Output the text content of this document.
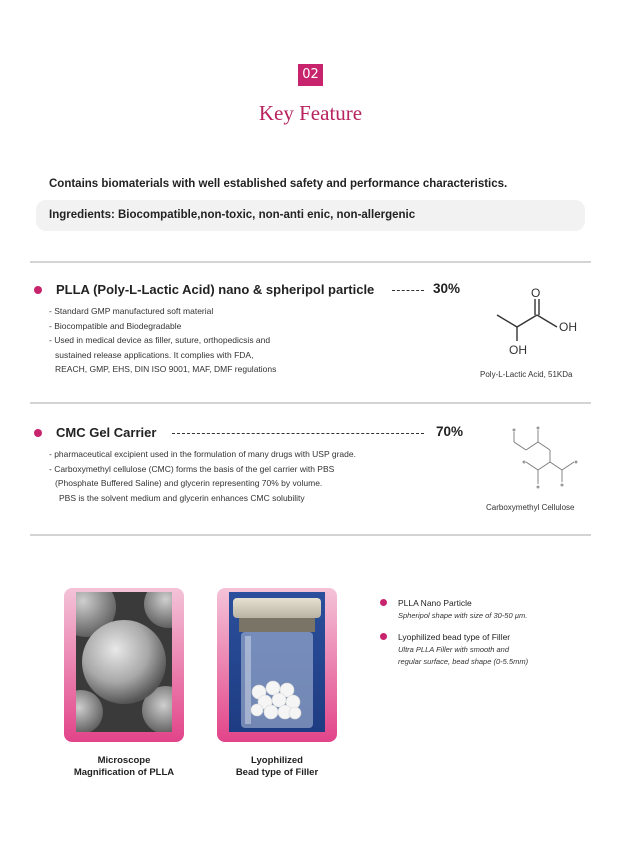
02
Key Feature
Contains biomaterials with well established safety and performance characteristics.
Ingredients: Biocompatible,non-toxic, non-anti enic, non-allergenic
PLLA (Poly-L-Lactic Acid) nano & spheripol particle	30%
- Standard GMP manufactured soft material
- Biocompatible and Biodegradable
- Used in medical device as filler, suture, orthopedicsis and
sustained release applications. It complies with FDA,
REACH, GMP, EHS, DIN ISO 9001, MAF, DMF regulations
O
OH
OH
Poly-L-Lactic Acid, 51KDa
CMC Gel Carrier	70%
- pharmaceutical excipient used in the formulation of many drugs with USP grade.
- Carboxymethyl cellulose (CMC) forms the basis of the gel carrier with PBS
(Phosphate Buffered Saline) and glycerin representing 70% by volume.
PBS is the solvent medium and glycerin enhances CMC solubility
Carboxymethyl Cellulose
Microscope
Magnification of PLLA
Lyophilized
Bead type of Filler
PLLA Nano Particle
Spheripol shape with size of 30-50 µm.
Lyophilized bead type of Filler
Ultra PLLA Filler with smooth and
regular surface, bead shape (0-5.5mm)
